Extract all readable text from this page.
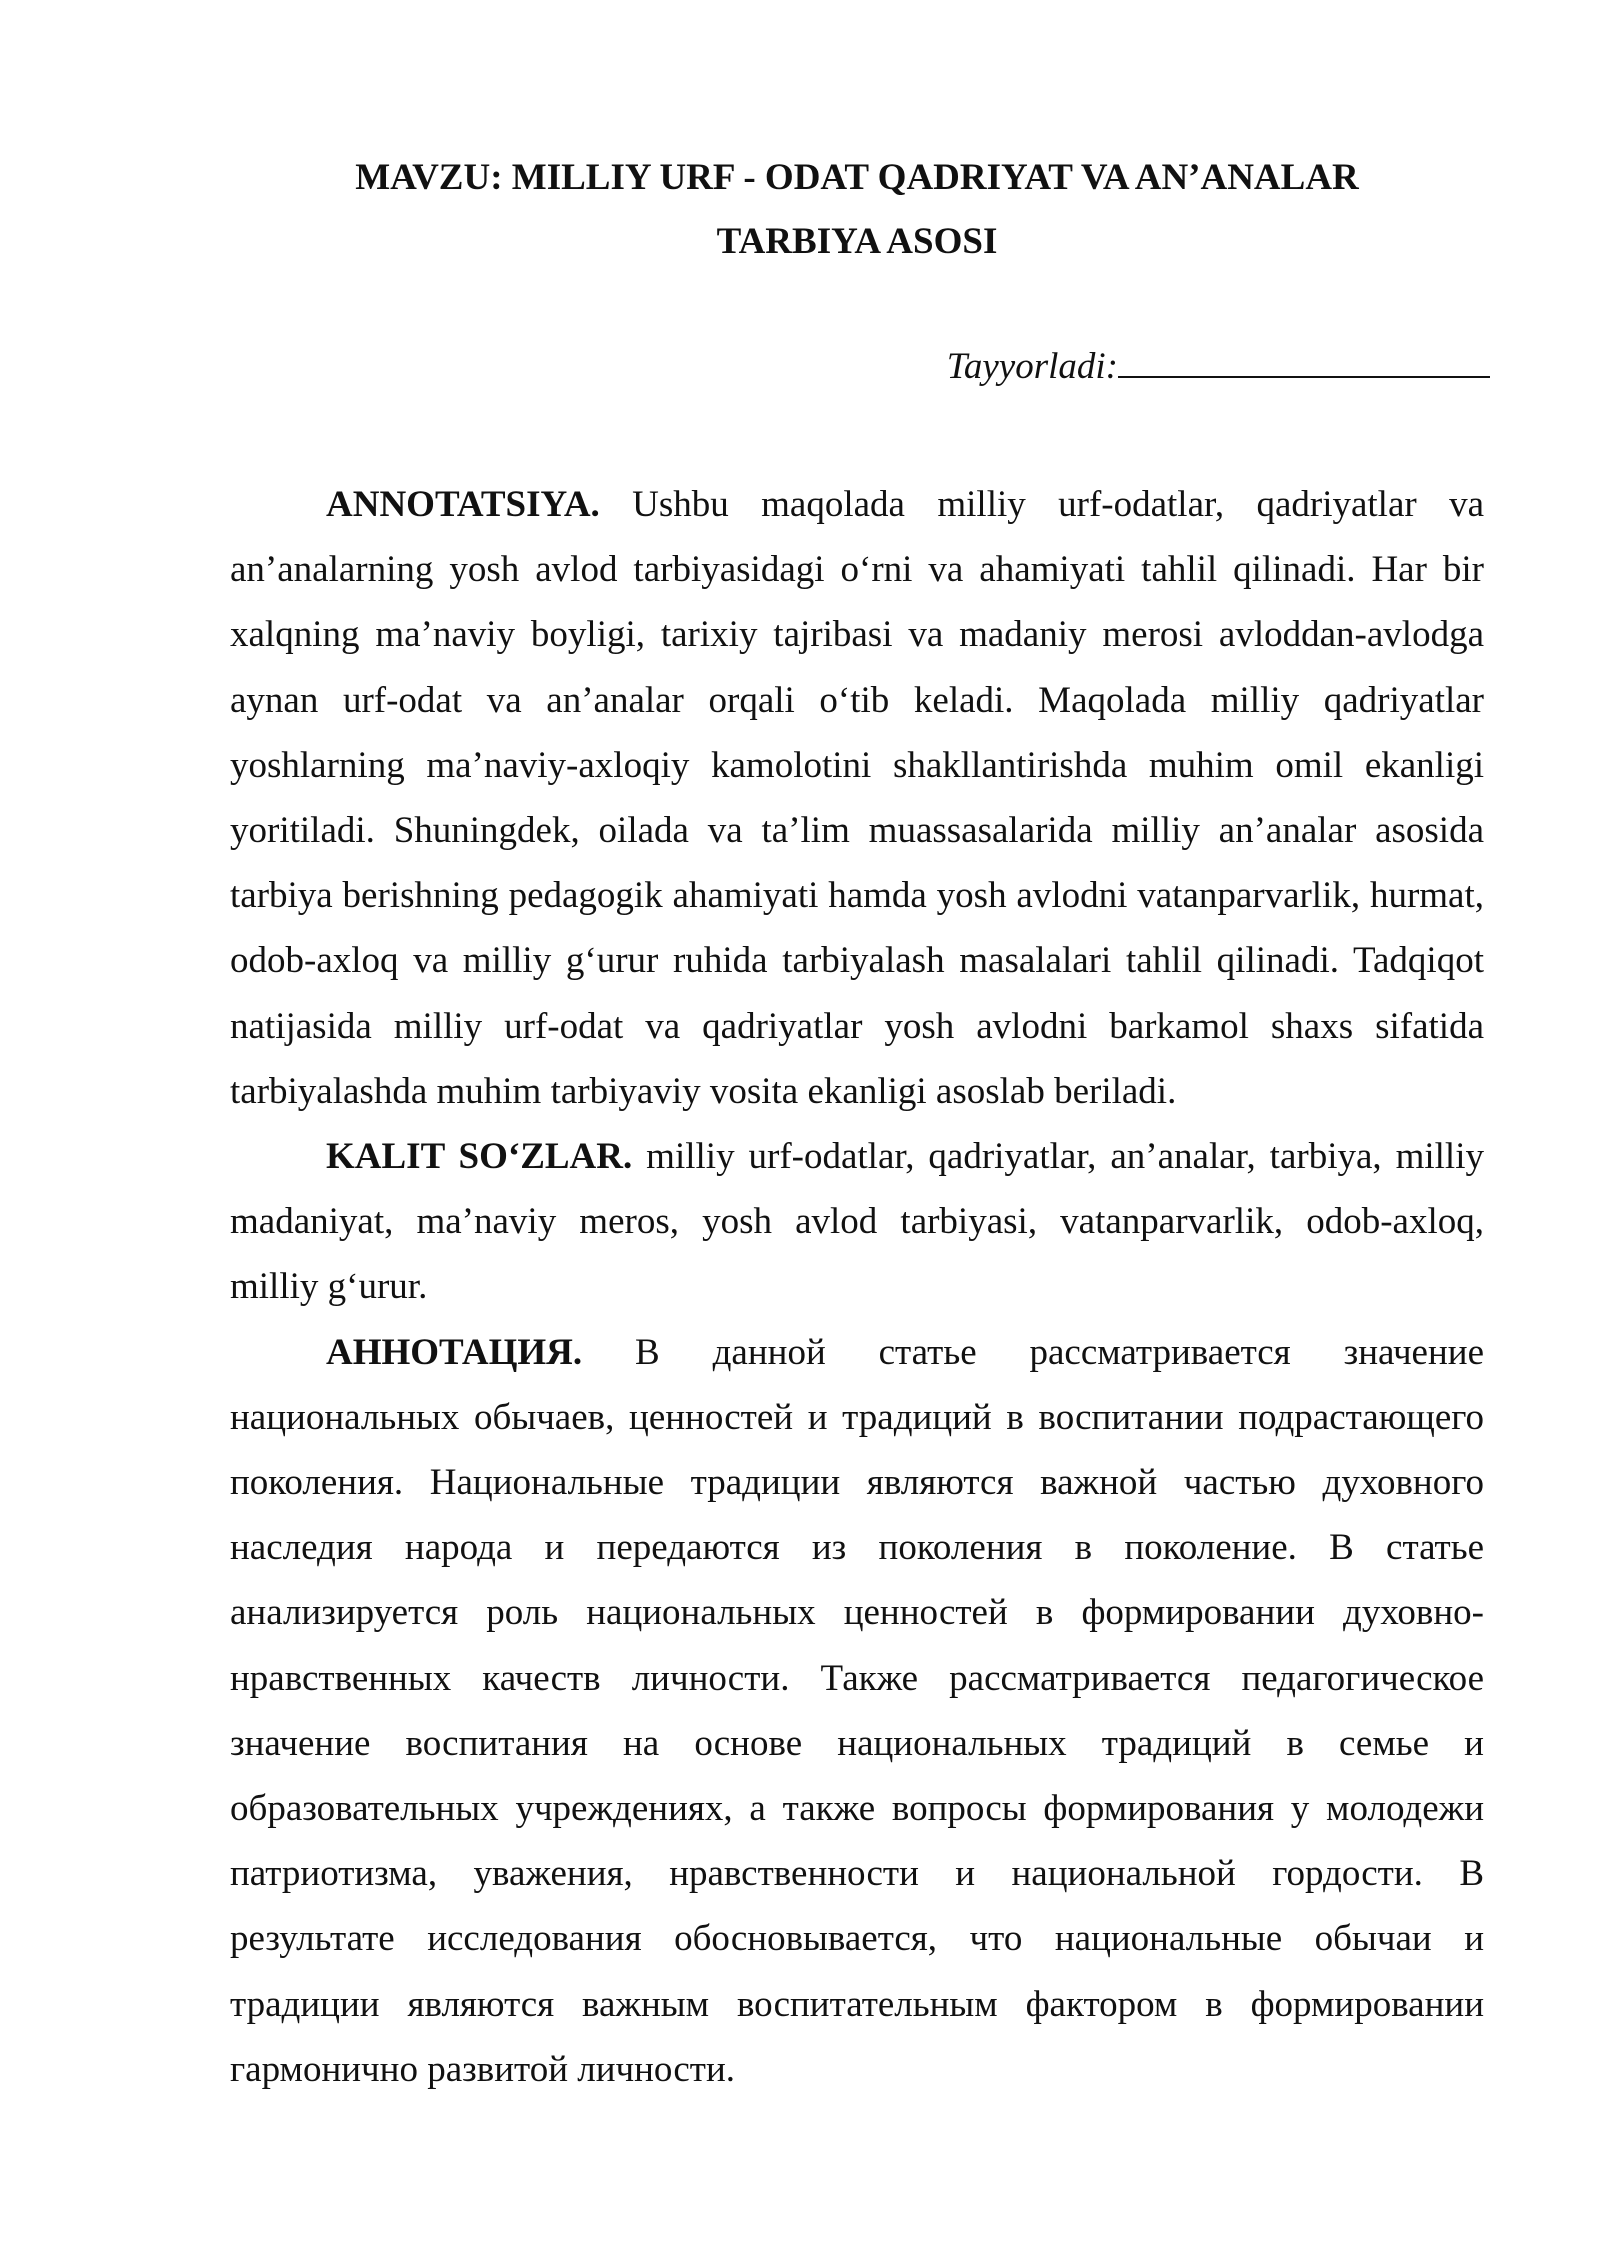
MAVZU: MILLIY URF - ODAT QADRIYAT VA AN’ANALAR
TARBIYA ASOSI
Tayyorladi:

ANNOTATSIYA. Ushbu maqolada milliy urf-odatlar, qadriyatlar va an’analarning yosh avlod tarbiyasidagi o‘rni va ahamiyati tahlil qilinadi. Har bir xalqning ma’naviy boyligi, tarixiy tajribasi va madaniy merosi avloddan-avlodga aynan urf-odat va an’analar orqali o‘tib keladi. Maqolada milliy qadriyatlar yoshlarning ma’naviy-axloqiy kamolotini shakllantirishda muhim omil ekanligi yoritiladi. Shuningdek, oilada va ta’lim muassasalarida milliy an’analar asosida tarbiya berishning pedagogik ahamiyati hamda yosh avlodni vatanparvarlik, hurmat, odob-axloq va milliy g‘urur ruhida tarbiyalash masalalari tahlil qilinadi. Tadqiqot natijasida milliy urf-odat va qadriyatlar yosh avlodni barkamol shaxs sifatida tarbiyalashda muhim tarbiyaviy vosita ekanligi asoslab beriladi.

KALIT SO‘ZLAR. milliy urf-odatlar, qadriyatlar, an’analar, tarbiya, milliy madaniyat, ma’naviy meros, yosh avlod tarbiyasi, vatanparvarlik, odob-axloq, milliy g‘urur.

АННОТАЦИЯ. В данной статье рассматривается значение национальных обычаев, ценностей и традиций в воспитании подрастающего поколения. Национальные традиции являются важной частью духовного наследия народа и передаются из поколения в поколение. В статье анализируется роль национальных ценностей в формировании духовно-нравственных качеств личности. Также рассматривается педагогическое значение воспитания на основе национальных традиций в семье и образовательных учреждениях, а также вопросы формирования у молодежи патриотизма, уважения, нравственности и национальной гордости. В результате исследования обосновывается, что национальные обычаи и традиции являются важным воспитательным фактором в формировании гармонично развитой личности.
